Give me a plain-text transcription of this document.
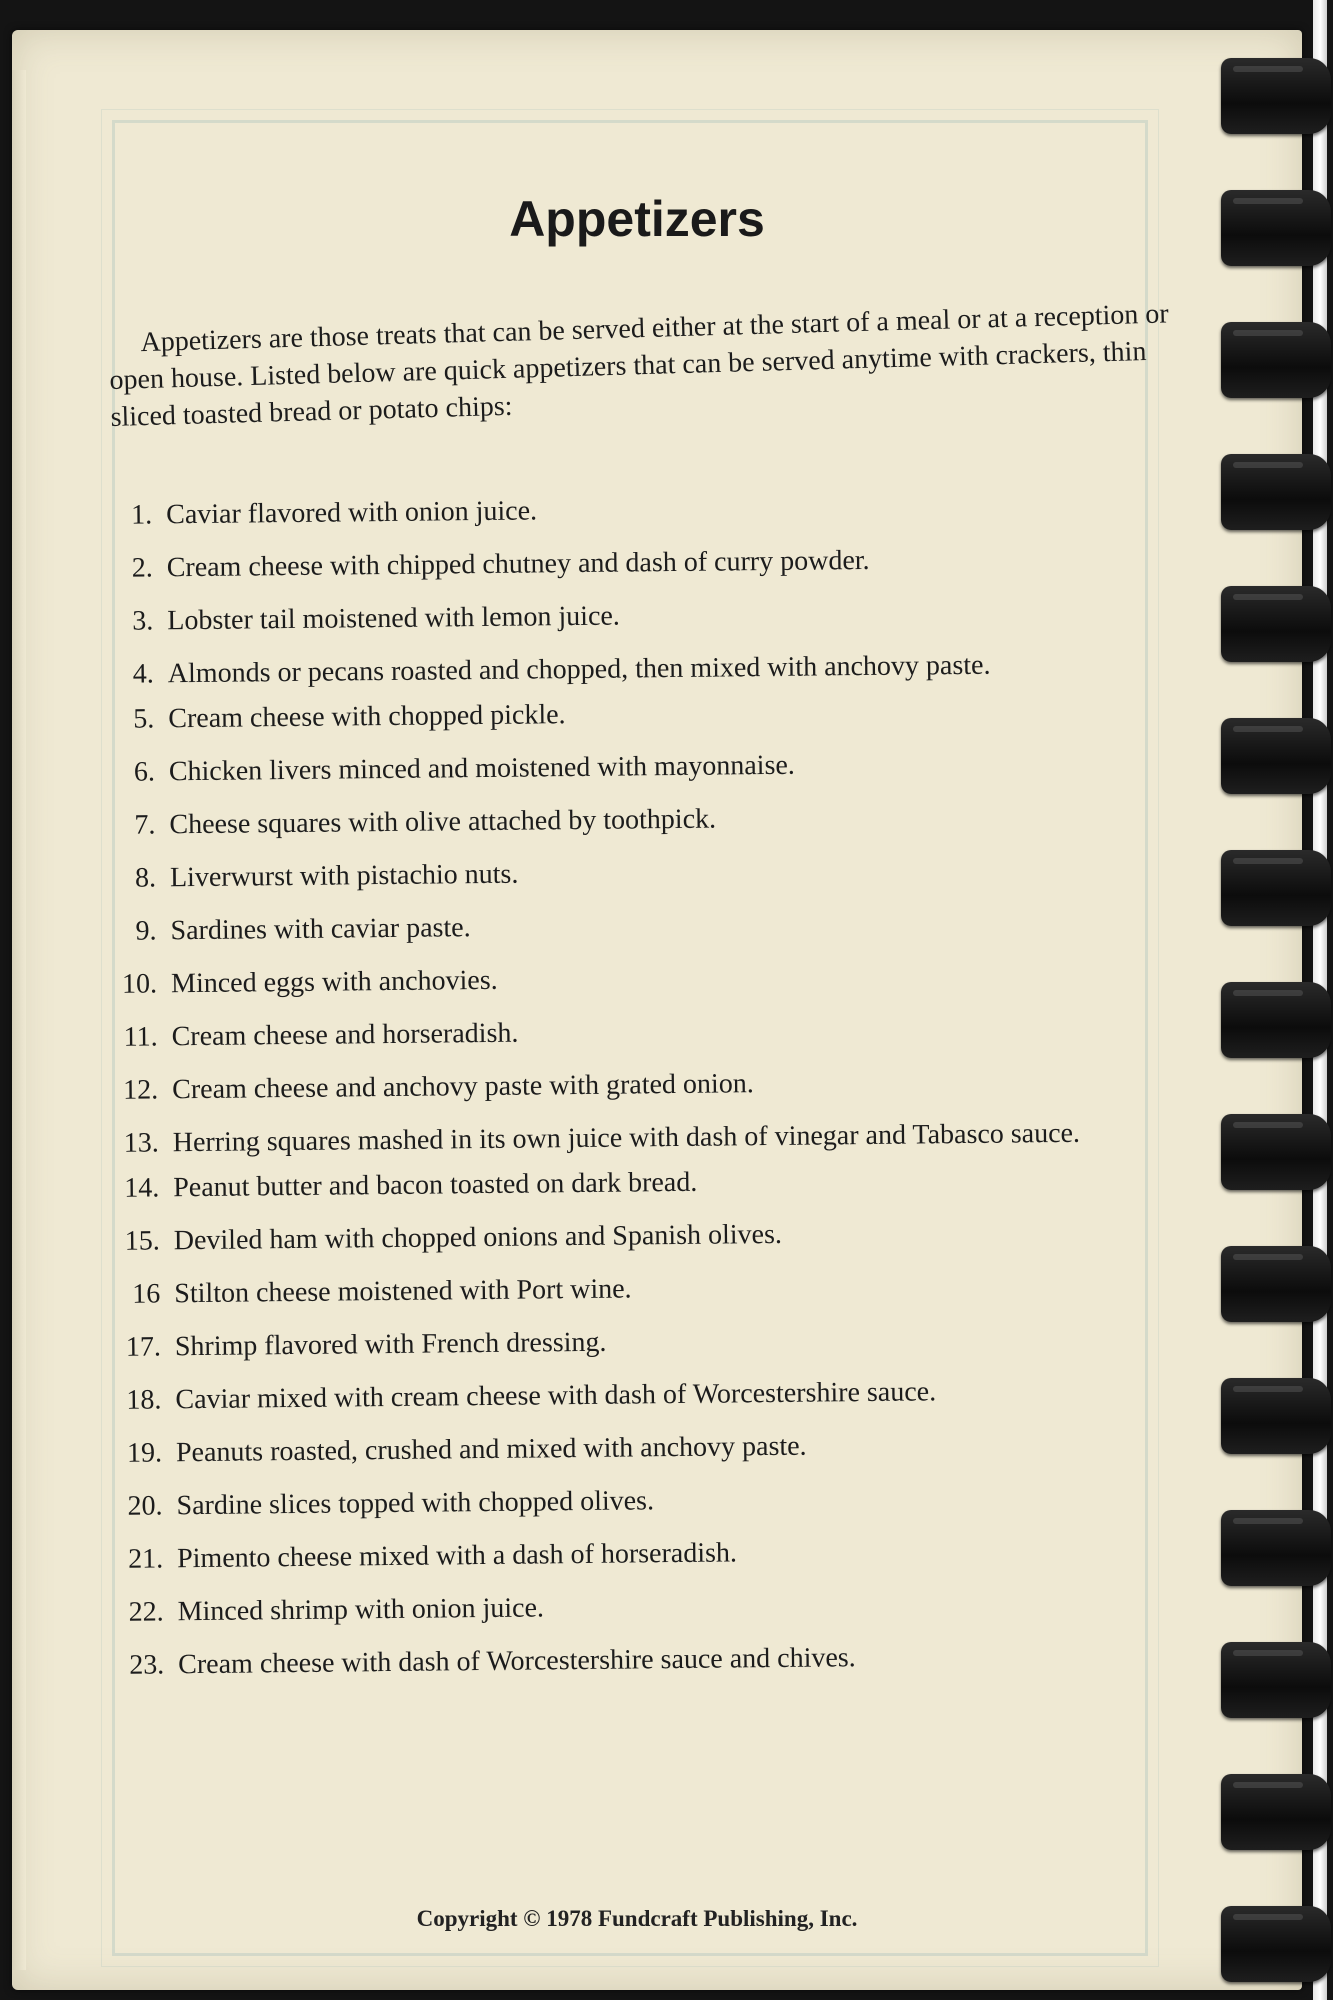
Appetizers

Appetizers are those treats that can be served either at the start of a meal or at a reception or open house. Listed below are quick appetizers that can be served anytime with crackers, thin sliced toasted bread or potato chips:

1. Caviar flavored with onion juice.
2. Cream cheese with chipped chutney and dash of curry powder.
3. Lobster tail moistened with lemon juice.
4. Almonds or pecans roasted and chopped, then mixed with anchovy paste.
5. Cream cheese with chopped pickle.
6. Chicken livers minced and moistened with mayonnaise.
7. Cheese squares with olive attached by toothpick.
8. Liverwurst with pistachio nuts.
9. Sardines with caviar paste.
10. Minced eggs with anchovies.
11. Cream cheese and horseradish.
12. Cream cheese and anchovy paste with grated onion.
13. Herring squares mashed in its own juice with dash of vinegar and Tabasco sauce.
14. Peanut butter and bacon toasted on dark bread.
15. Deviled ham with chopped onions and Spanish olives.
16 Stilton cheese moistened with Port wine.
17. Shrimp flavored with French dressing.
18. Caviar mixed with cream cheese with dash of Worcestershire sauce.
19. Peanuts roasted, crushed and mixed with anchovy paste.
20. Sardine slices topped with chopped olives.
21. Pimento cheese mixed with a dash of horseradish.
22. Minced shrimp with onion juice.
23. Cream cheese with dash of Worcestershire sauce and chives.

Copyright © 1978 Fundcraft Publishing, Inc.
